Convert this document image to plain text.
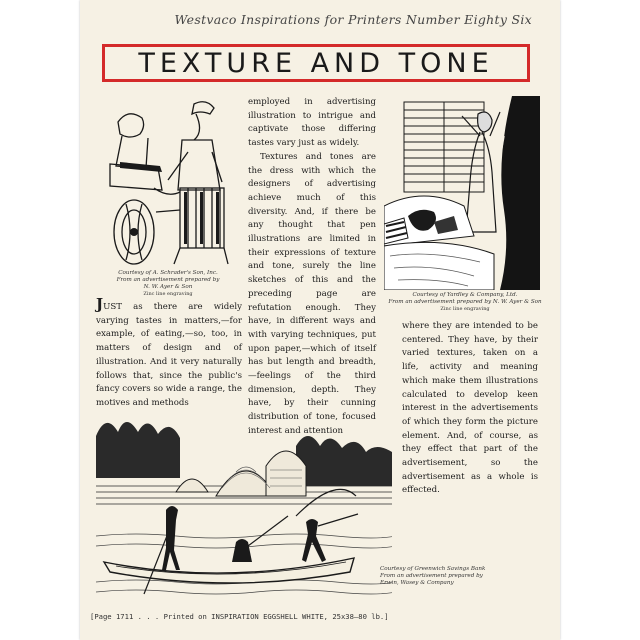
Westvaco Inspirations for Printers Number Eighty Six
TEXTURE AND TONE
Courtesy of A. Schrader's Son, Inc.
From an advertisement prepared by
N. W. Ayer & Son
Zinc line engraving	Courtesy of Yardley & Company, Ltd.
From an advertisement prepared by N. W. Ayer & Son
Zinc line engraving

JUST as there are widely varying tastes in matters,—for example, of eating,—so, too, in matters of design and of illustration. And it very naturally follows that, since the public's fancy covers so wide a range, the motives and methods

employed in advertising illustration to intrigue and captivate those differing tastes vary just as widely.

Textures and tones are the dress with which the designers of advertising achieve much of this diversity. And, if there be any thought that pen illustrations are limited in their expressions of texture and tone, surely the line sketches of this and the preceding page are refutation enough. They have, in different ways and with varying techniques, put upon paper,—which of itself has but length and breadth,—feelings of the third dimension, depth. They have, by their cunning distribution of tone, focused interest and attention

where they are intended to be centered. They have, by their varied textures, taken on a life, activity and meaning which make them illustrations calculated to develop keen interest in the advertisements of which they form the picture element. And, of course, as they effect that part of the advertisement, so the advertisement as a whole is effected.

Courtesy of Greenwich Savings Bank
From an advertisement prepared by
Erwin, Wasey & Company
[Page 1711 . . . Printed on INSPIRATION EGGSHELL WHITE, 25x38—80 lb.]
